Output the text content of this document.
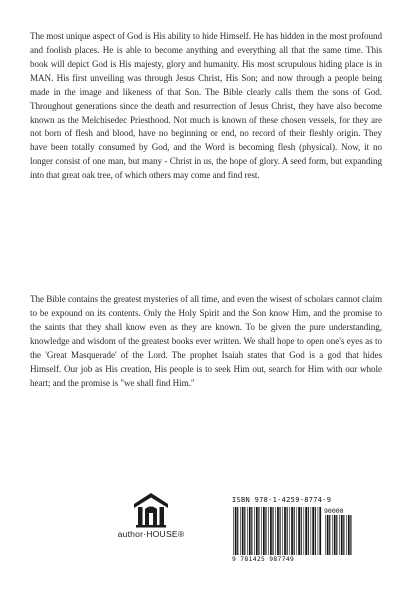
The most unique aspect of God is His ability to hide Himself. He has hidden in the most profound and foolish places. He is able to become anything and everything all that the same time. This book will depict God is His majesty, glory and humanity. His most scrupulous hiding place is in MAN. His first unveiling was through Jesus Christ, His Son; and now through a people being made in the image and likeness of that Son. The Bible clearly calls them the sons of God. Throughout generations since the death and resurrection of Jesus Christ, they have also become known as the Melchisedec Priesthood. Not much is known of these chosen vessels, for they are not born of flesh and blood, have no beginning or end, no record of their fleshly origin. They have been totally consumed by God, and the Word is becoming flesh (physical). Now, it no longer consist of one man, but many - Christ in us, the hope of glory. A seed form, but expanding into that great oak tree, of which others may come and find rest.

The Bible contains the greatest mysteries of all time, and even the wisest of scholars cannot claim to be expound on its contents. Only the Holy Spirit and the Son know Him, and the promise to the saints that they shall know even as they are known. To be given the pure understanding, knowledge and wisdom of the greatest books ever written. We shall hope to open one's eyes as to the 'Great Masquerade' of the Lord. The prophet Isaiah states that God is a god that hides Himself. Our job as His creation, His people is to seek Him out, search for Him with our whole heart; and the promise is "we shall find Him."

author·HOUSE®
ISBN 978-1-4259-8774-9
90000
9 781425 987749
